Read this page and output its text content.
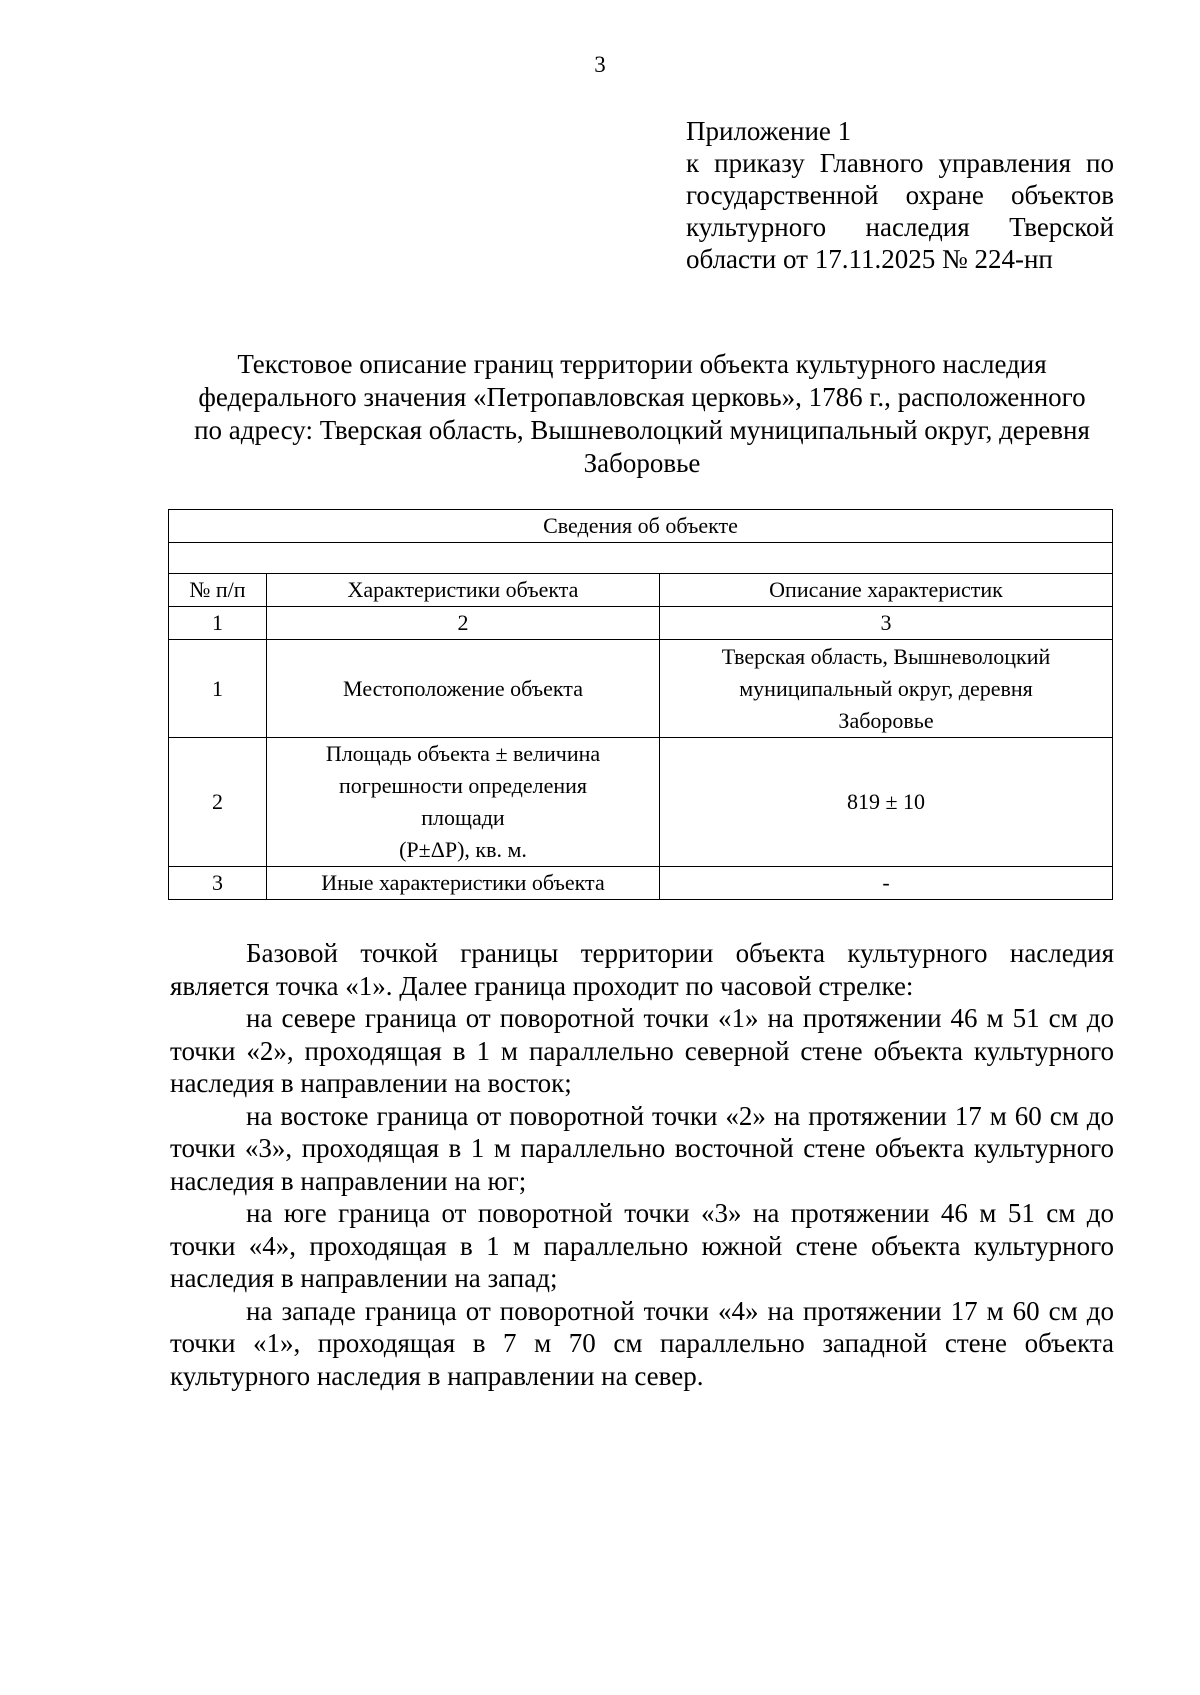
3
Приложение 1
к приказу Главного управления по
государственной охране объектов
культурного наследия Тверской
области от 17.11.2025 № 224-нп
Текстовое описание границ территории объекта культурного наследия
федерального значения «Петропавловская церковь», 1786 г., расположенного
по адресу: Тверская область, Вышневолоцкий муниципальный округ, деревня
Заборовье
Сведения об объекте		

№ п/п	Характеристики объекта	Описание характеристик
1	2	3
1	Местоположение объекта	Тверская область, Вышневолоцкий
муниципальный округ, деревня
Заборовье

2	Площадь объекта ± величина
погрешности определения
площади
(Р±ΔР), кв. м.	819 ± 10

3	Иные характеристики объекта	-

Базовой точкой границы территории объекта культурного наследия является точка «1». Далее граница проходит по часовой стрелке:

на севере граница от поворотной точки «1» на протяжении 46 м 51 см до точки «2», проходящая в 1 м параллельно северной стене объекта культурного наследия в направлении на восток;

на востоке граница от поворотной точки «2» на протяжении 17 м 60 см до точки «3», проходящая в 1 м параллельно восточной стене объекта культурного наследия в направлении на юг;

на юге граница от поворотной точки «3» на протяжении 46 м 51 см до точки «4», проходящая в 1 м параллельно южной стене объекта культурного наследия в направлении на запад;

на западе граница от поворотной точки «4» на протяжении 17 м 60 см до точки «1», проходящая в 7 м 70 см параллельно западной стене объекта культурного наследия в направлении на север.
